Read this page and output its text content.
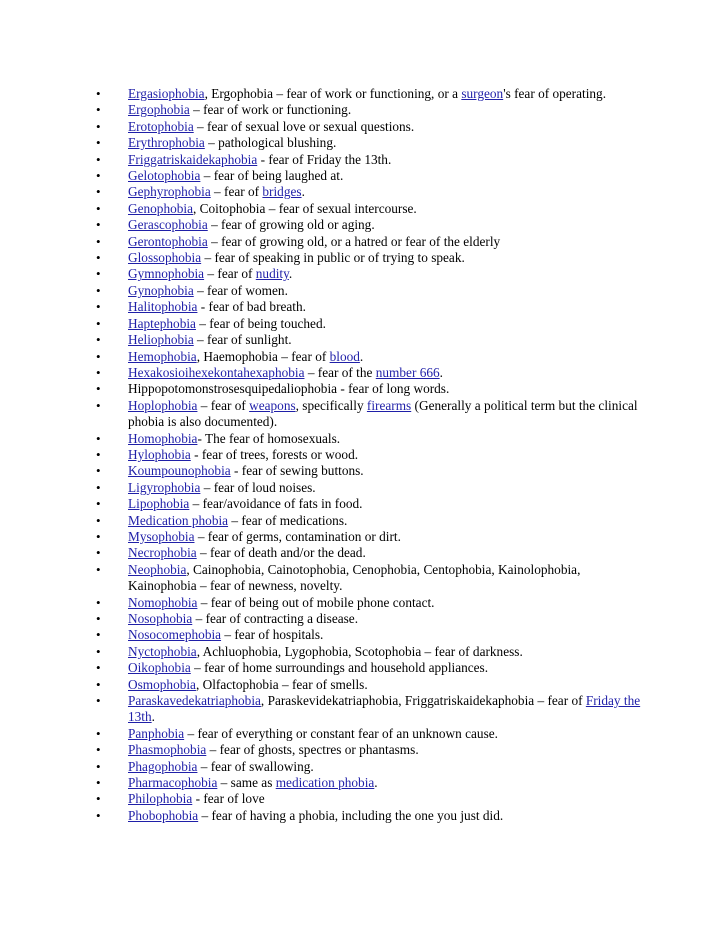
• Ergasiophobia, Ergophobia – fear of work or functioning, or a surgeon's fear of operating.
• Ergophobia – fear of work or functioning.
• Erotophobia – fear of sexual love or sexual questions.
• Erythrophobia – pathological blushing.
• Friggatriskaidekaphobia - fear of Friday the 13th.
• Gelotophobia – fear of being laughed at.
• Gephyrophobia – fear of bridges.
• Genophobia, Coitophobia – fear of sexual intercourse.
• Gerascophobia – fear of growing old or aging.
• Gerontophobia – fear of growing old, or a hatred or fear of the elderly
• Glossophobia – fear of speaking in public or of trying to speak.
• Gymnophobia – fear of nudity.
• Gynophobia – fear of women.
• Halitophobia - fear of bad breath.
• Haptephobia – fear of being touched.
• Heliophobia – fear of sunlight.
• Hemophobia, Haemophobia – fear of blood.
• Hexakosioihexekontahexaphobia – fear of the number 666.
• Hippopotomonstrosesquipedaliophobia - fear of long words.
• Hoplophobia – fear of weapons, specifically firearms (Generally a political term but the clinical phobia is also documented).
• Homophobia- The fear of homosexuals.
• Hylophobia - fear of trees, forests or wood.
• Koumpounophobia - fear of sewing buttons.
• Ligyrophobia – fear of loud noises.
• Lipophobia – fear/avoidance of fats in food.
• Medication phobia – fear of medications.
• Mysophobia – fear of germs, contamination or dirt.
• Necrophobia – fear of death and/or the dead.
• Neophobia, Cainophobia, Cainotophobia, Cenophobia, Centophobia, Kainolophobia, Kainophobia – fear of newness, novelty.
• Nomophobia – fear of being out of mobile phone contact.
• Nosophobia – fear of contracting a disease.
• Nosocomephobia – fear of hospitals.
• Nyctophobia, Achluophobia, Lygophobia, Scotophobia – fear of darkness.
• Oikophobia – fear of home surroundings and household appliances.
• Osmophobia, Olfactophobia – fear of smells.
• Paraskavedekatriaphobia, Paraskevidekatriaphobia, Friggatriskaidekaphobia – fear of Friday the 13th.
• Panphobia – fear of everything or constant fear of an unknown cause.
• Phasmophobia – fear of ghosts, spectres or phantasms.
• Phagophobia – fear of swallowing.
• Pharmacophobia – same as medication phobia.
• Philophobia - fear of love
• Phobophobia – fear of having a phobia, including the one you just did.
